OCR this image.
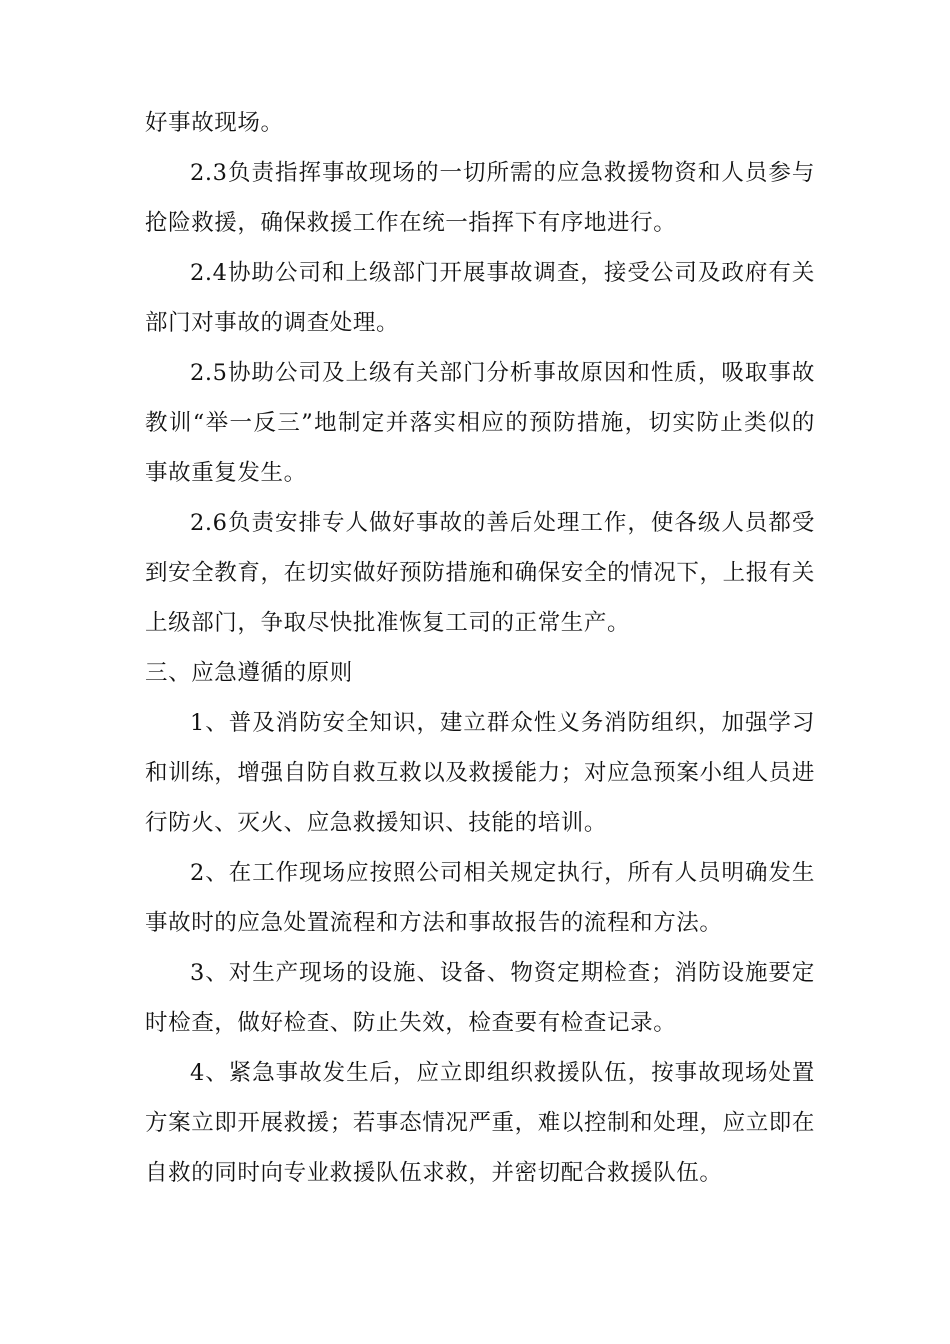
好事故现场。

2.3负责指挥事故现场的一切所需的应急救援物资和人员参与抢险救援，确保救援工作在统一指挥下有序地进行。

2.4协助公司和上级部门开展事故调查，接受公司及政府有关部门对事故的调查处理。

2.5协助公司及上级有关部门分析事故原因和性质，吸取事故教训“举一反三”地制定并落实相应的预防措施，切实防止类似的事故重复发生。

2.6负责安排专人做好事故的善后处理工作，使各级人员都受到安全教育，在切实做好预防措施和确保安全的情况下，上报有关上级部门，争取尽快批准恢复工司的正常生产。

三、应急遵循的原则

1、普及消防安全知识，建立群众性义务消防组织，加强学习和训练，增强自防自救互救以及救援能力；对应急预案小组人员进行防火、灭火、应急救援知识、技能的培训。

2、在工作现场应按照公司相关规定执行，所有人员明确发生事故时的应急处置流程和方法和事故报告的流程和方法。

3、对生产现场的设施、设备、物资定期检查；消防设施要定时检查，做好检查、防止失效，检查要有检查记录。

4、紧急事故发生后，应立即组织救援队伍，按事故现场处置方案立即开展救援；若事态情况严重，难以控制和处理，应立即在自救的同时向专业救援队伍求救，并密切配合救援队伍。
